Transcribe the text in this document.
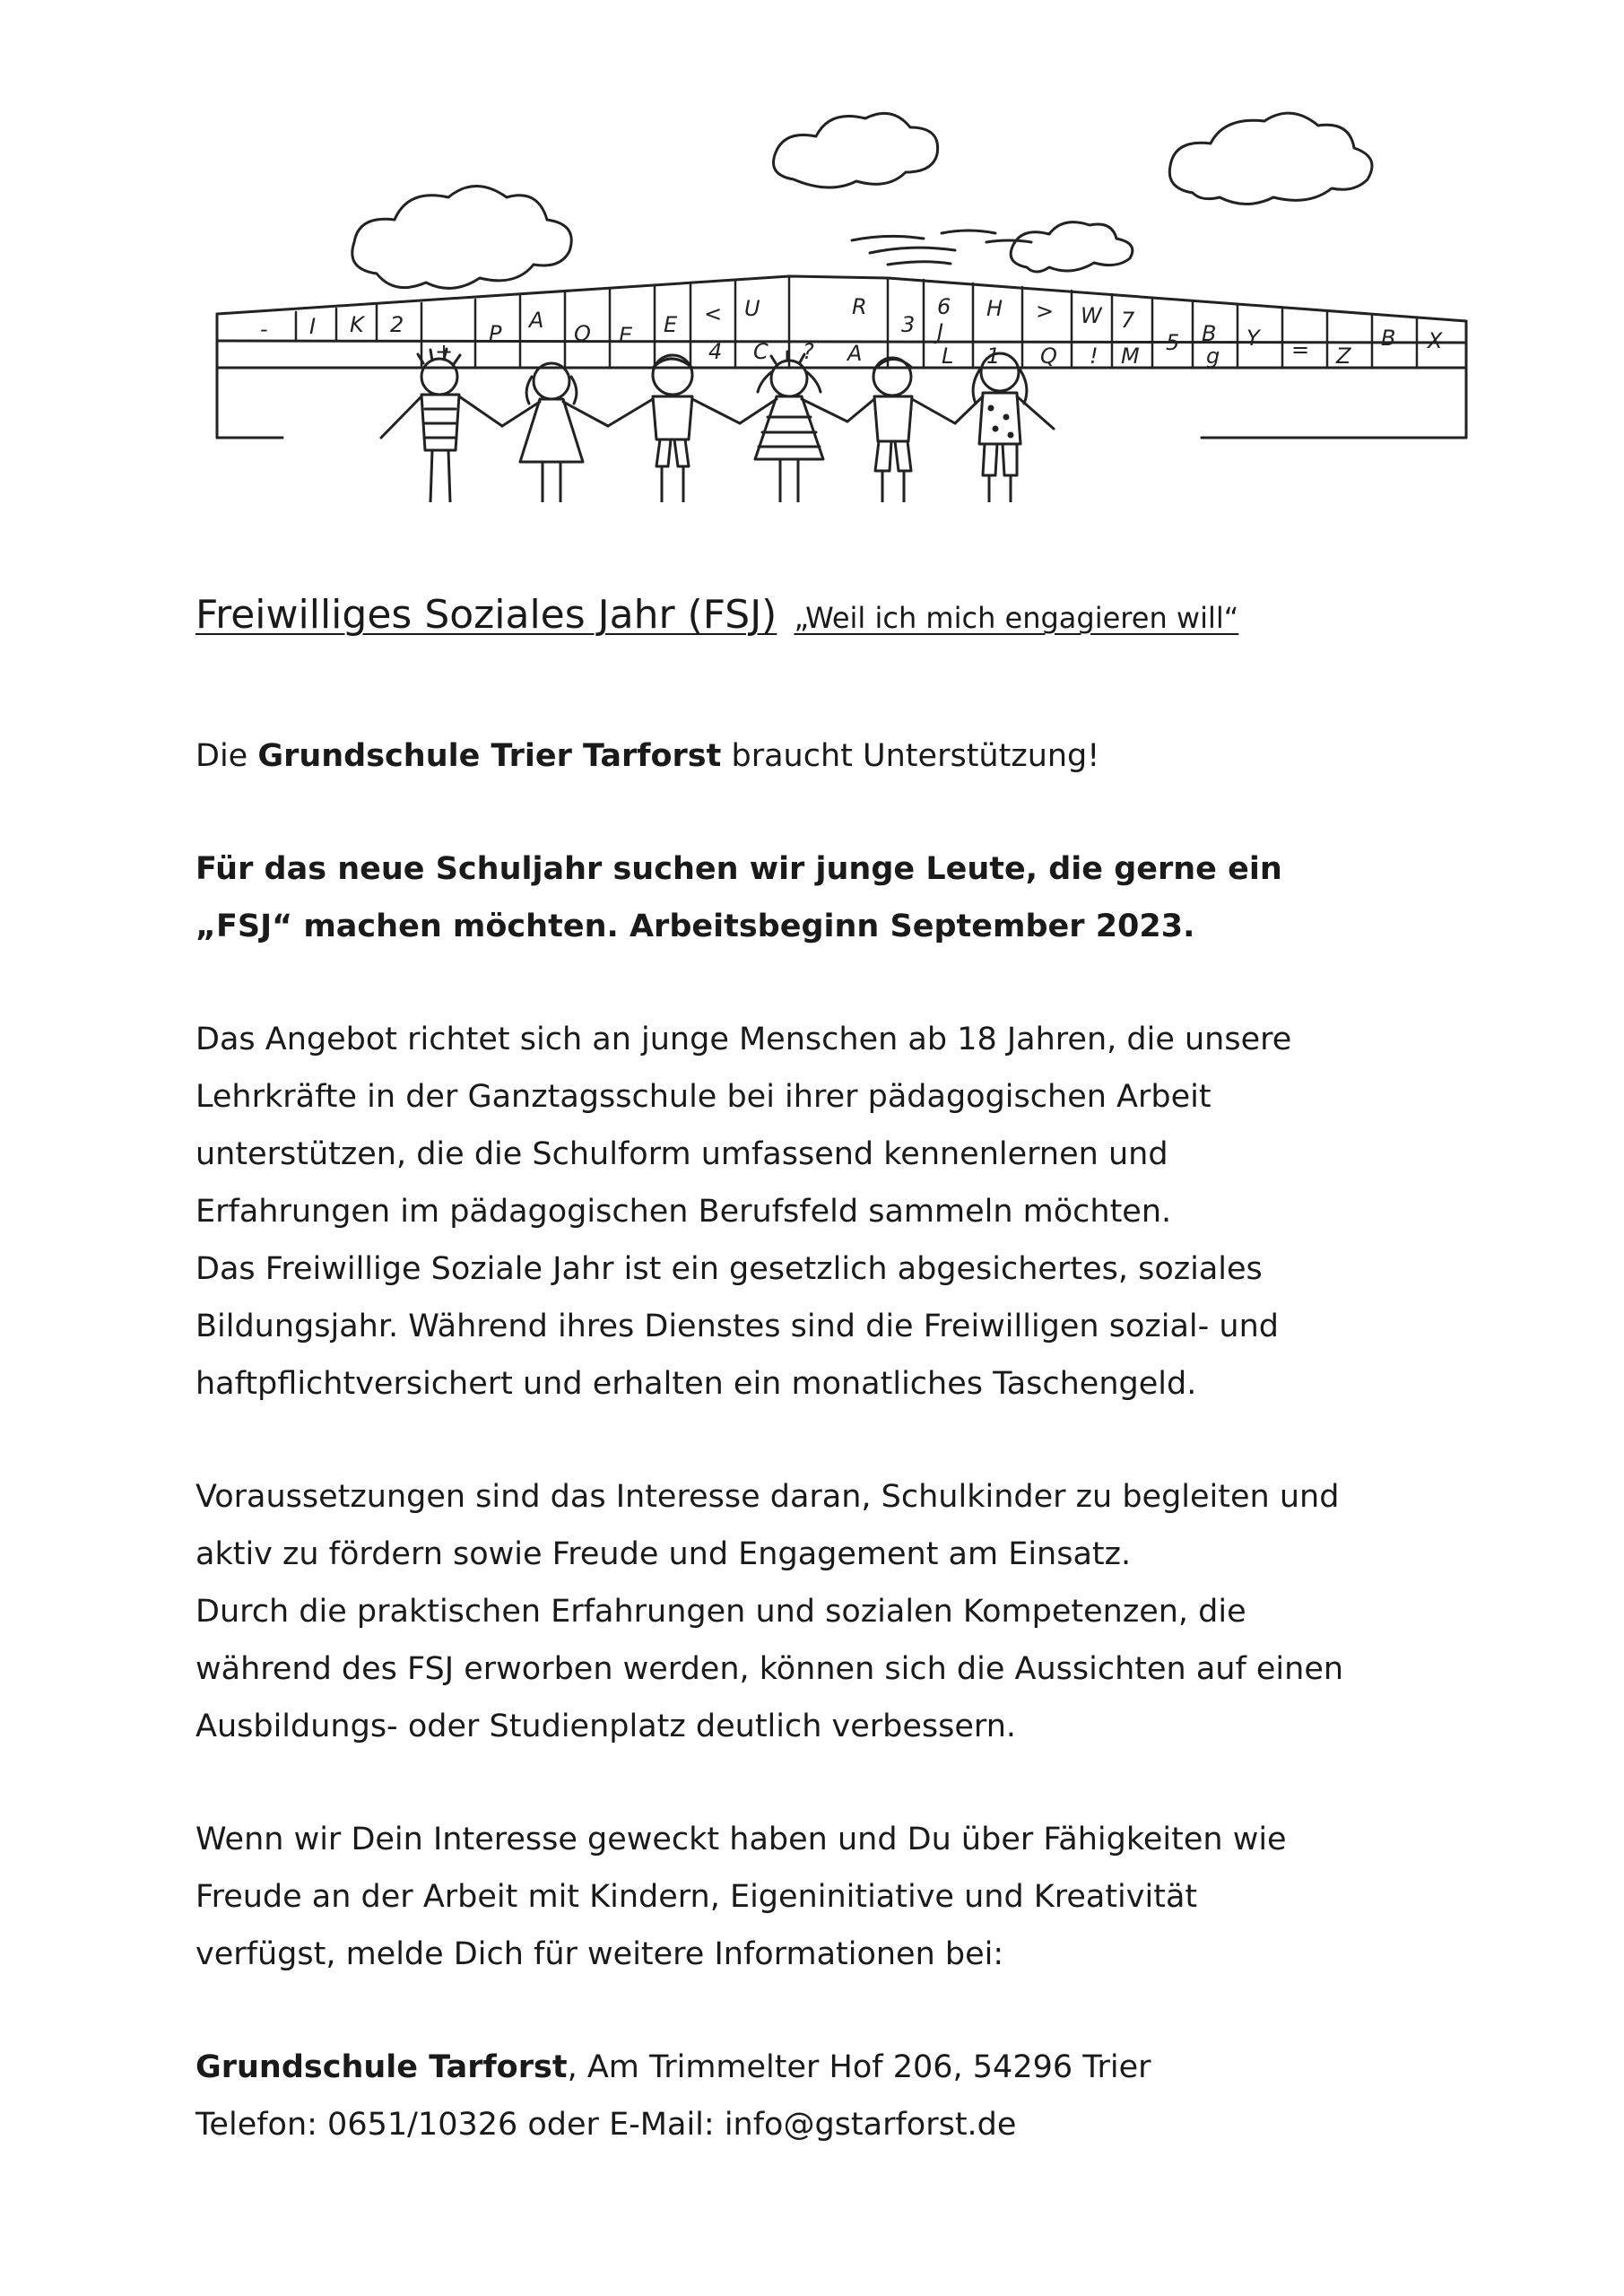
- I K 2
+
P
A
O E E <
4
U
C ?
R
A
3
6
J
L
H
1
>
Q
W
!
7
M
5 B
g
Y = Z
B X
Freiwilliges Soziales Jahr (FSJ) „Weil ich mich engagieren will“

Die Grundschule Trier Tarforst braucht Unterstützung!

Für das neue Schuljahr suchen wir junge Leute, die gerne ein
„FSJ“ machen möchten. Arbeitsbeginn September 2023.

Das Angebot richtet sich an junge Menschen ab 18 Jahren, die unsere
Lehrkräfte in der Ganztagsschule bei ihrer pädagogischen Arbeit
unterstützen, die die Schulform umfassend kennenlernen und
Erfahrungen im pädagogischen Berufsfeld sammeln möchten.
Das Freiwillige Soziale Jahr ist ein gesetzlich abgesichertes, soziales
Bildungsjahr. Während ihres Dienstes sind die Freiwilligen sozial- und
haftpflichtversichert und erhalten ein monatliches Taschengeld.

Voraussetzungen sind das Interesse daran, Schulkinder zu begleiten und
aktiv zu fördern sowie Freude und Engagement am Einsatz.
Durch die praktischen Erfahrungen und sozialen Kompetenzen, die
während des FSJ erworben werden, können sich die Aussichten auf einen
Ausbildungs- oder Studienplatz deutlich verbessern.

Wenn wir Dein Interesse geweckt haben und Du über Fähigkeiten wie
Freude an der Arbeit mit Kindern, Eigeninitiative und Kreativität
verfügst, melde Dich für weitere Informationen bei:

Grundschule Tarforst, Am Trimmelter Hof 206, 54296 Trier

Telefon: 0651/10326 oder E-Mail: info@gstarforst.de
